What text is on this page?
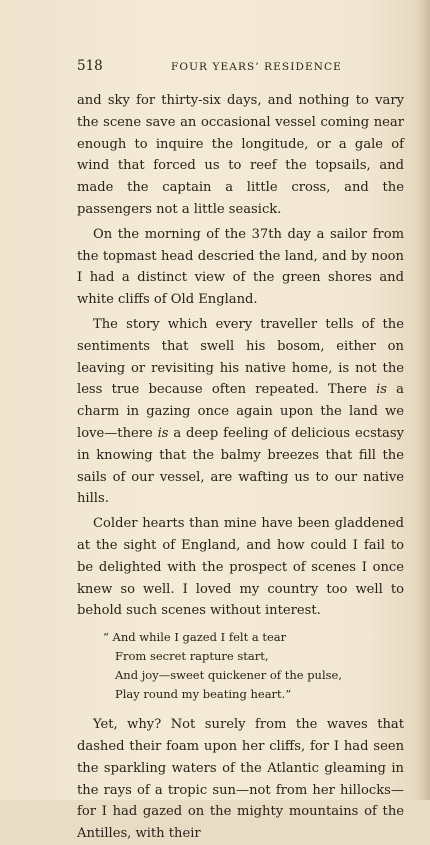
518	FOUR YEARS’ RESIDENCE

and sky for thirty-six days, and nothing to vary the scene save an occasional vessel coming near enough to inquire the longitude, or a gale of wind that forced us to reef the topsails, and made the captain a little cross, and the passengers not a little seasick.

On the morning of the 37th day a sailor from the topmast head descried the land, and by noon I had a distinct view of the green shores and white cliffs of Old England.

The story which every traveller tells of the sentiments that swell his bosom, either on leaving or revisiting his native home, is not the less true because often repeated. There is a charm in gazing once again upon the land we love—there is a deep feeling of delicious ecstasy in knowing that the balmy breezes that fill the sails of our vessel, are wafting us to our native hills.

Colder hearts than mine have been gladdened at the sight of England, and how could I fail to be delighted with the prospect of scenes I once knew so well. I loved my country too well to behold such scenes without interest.

“ And while I gazed I felt a tear
From secret rapture start,
And joy—sweet quickener of the pulse,
Play round my beating heart.”

Yet, why? Not surely from the waves that dashed their foam upon her cliffs, for I had seen the sparkling waters of the Atlantic gleaming in the rays of a tropic sun—not from her hillocks—for I had gazed on the mighty mountains of the Antilles, with their
